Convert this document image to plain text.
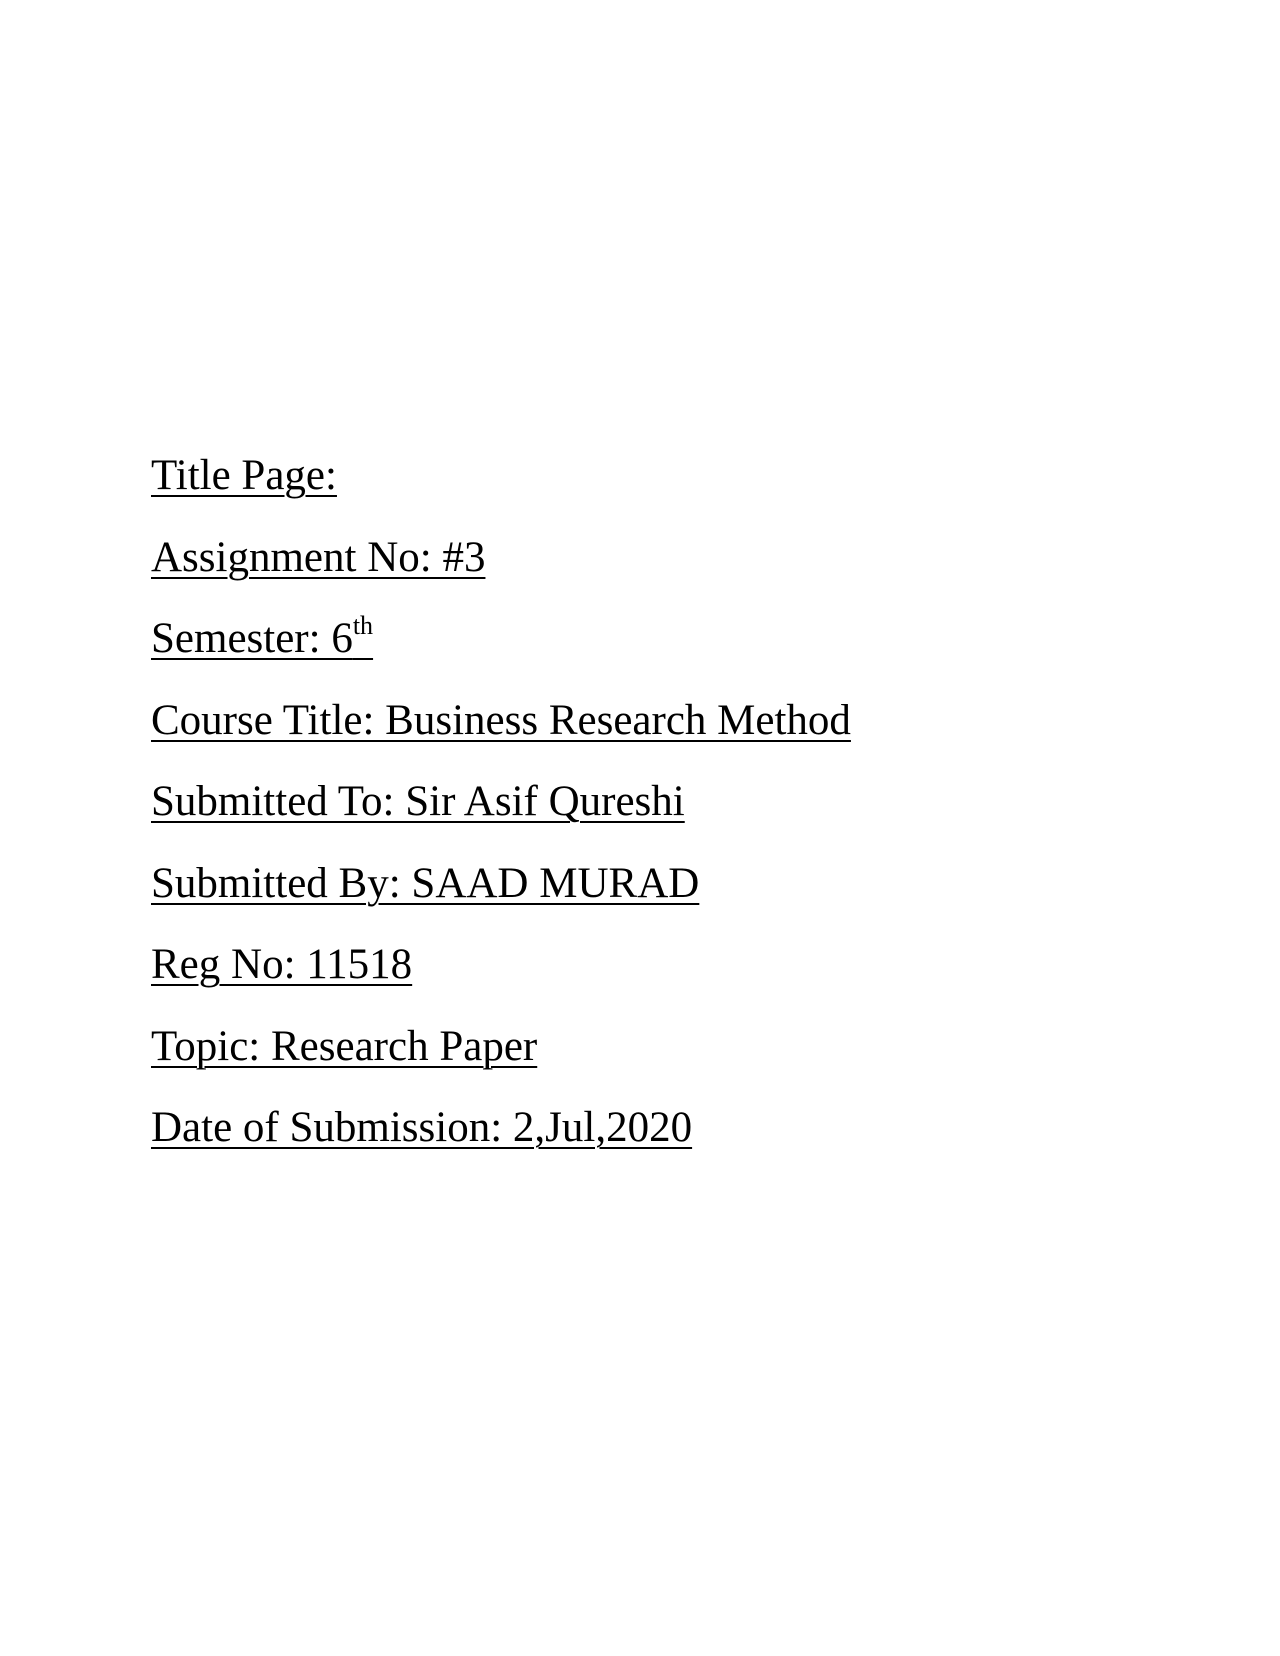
Title Page:
Assignment No: #3
Semester: 6th
Course Title: Business Research Method
Submitted To: Sir Asif Qureshi
Submitted By: SAAD MURAD
Reg No: 11518
Topic: Research Paper
Date of Submission: 2,Jul,2020
